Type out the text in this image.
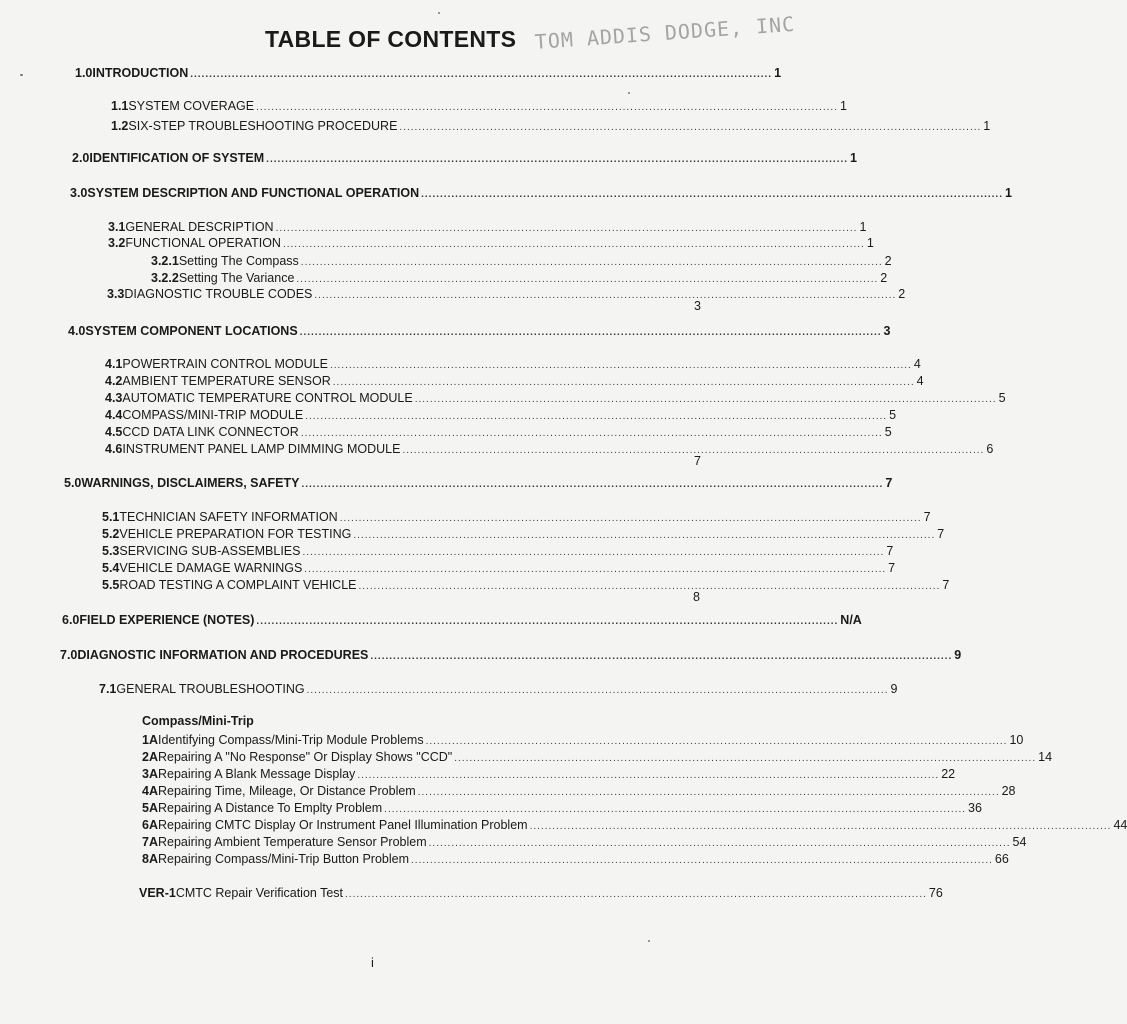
TABLE OF CONTENTS TOM ADDIS DODGE, INC
1.0 INTRODUCTION .......................................................................................................................................................... 1
1.1 SYSTEM COVERAGE .......................................................................................................................................................... 1
1.2 SIX-STEP TROUBLESHOOTING PROCEDURE .......................................................................................................................................................... 1
2.0 IDENTIFICATION OF SYSTEM .......................................................................................................................................................... 1
3.0 SYSTEM DESCRIPTION AND FUNCTIONAL OPERATION .......................................................................................................................................................... 1
3.1 GENERAL DESCRIPTION .......................................................................................................................................................... 1
3.2 FUNCTIONAL OPERATION .......................................................................................................................................................... 1
3.2.1 Setting The Compass .......................................................................................................................................................... 2
3.2.2 Setting The Variance .......................................................................................................................................................... 2
3.3 DIAGNOSTIC TROUBLE CODES .......................................................................................................................................................... 2
4.0 SYSTEM COMPONENT LOCATIONS .......................................................................................................................................................... 3
4.1 POWERTRAIN CONTROL MODULE .......................................................................................................................................................... 4
4.2 AMBIENT TEMPERATURE SENSOR .......................................................................................................................................................... 4
4.3 AUTOMATIC TEMPERATURE CONTROL MODULE .......................................................................................................................................................... 5
4.4 COMPASS/MINI-TRIP MODULE .......................................................................................................................................................... 5
4.5 CCD DATA LINK CONNECTOR .......................................................................................................................................................... 5
4.6 INSTRUMENT PANEL LAMP DIMMING MODULE .......................................................................................................................................................... 6
5.0 WARNINGS, DISCLAIMERS, SAFETY .......................................................................................................................................................... 7
5.1 TECHNICIAN SAFETY INFORMATION .......................................................................................................................................................... 7
5.2 VEHICLE PREPARATION FOR TESTING .......................................................................................................................................................... 7
5.3 SERVICING SUB-ASSEMBLIES .......................................................................................................................................................... 7
5.4 VEHICLE DAMAGE WARNINGS .......................................................................................................................................................... 7
5.5 ROAD TESTING A COMPLAINT VEHICLE .......................................................................................................................................................... 7
6.0 FIELD EXPERIENCE (NOTES) .......................................................................................................................................................... N/A
7.0 DIAGNOSTIC INFORMATION AND PROCEDURES .......................................................................................................................................................... 9
7.1 GENERAL TROUBLESHOOTING .......................................................................................................................................................... 9
Compass/Mini-Trip
1A Identifying Compass/Mini-Trip Module Problems .......................................................................................................................................................... 10
2A Repairing A "No Response" Or Display Shows "CCD" .......................................................................................................................................................... 14
3A Repairing A Blank Message Display .......................................................................................................................................................... 22
4A Repairing Time, Mileage, Or Distance Problem .......................................................................................................................................................... 28
5A Repairing A Distance To Emplty Problem .......................................................................................................................................................... 36
6A Repairing CMTC Display Or Instrument Panel Illumination Problem .......................................................................................................................................................... 44
7A Repairing Ambient Temperature Sensor Problem .......................................................................................................................................................... 54
8A Repairing Compass/Mini-Trip Button Problem .......................................................................................................................................................... 66
VER-1 CMTC Repair Verification Test .......................................................................................................................................................... 76
8
3
7
i
